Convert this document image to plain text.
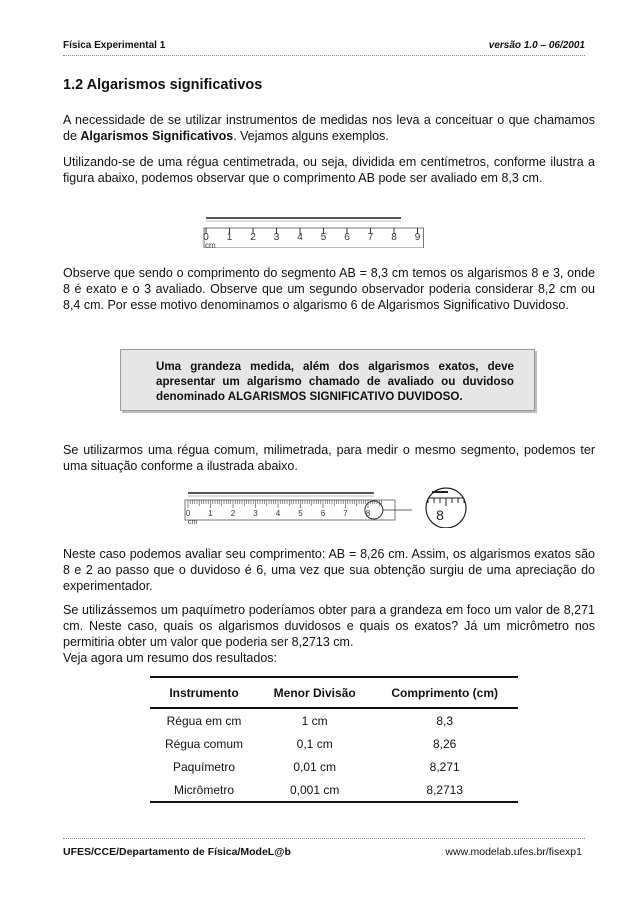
Física Experimental 1	versão 1.0 – 06/2001
1.2 Algarismos significativos

A necessidade de se utilizar instrumentos de medidas nos leva a conceituar o que chamamos de Algarismos Significativos. Vejamos alguns exemplos.

Utilizando-se de uma régua centimetrada, ou seja, dividida em centímetros, conforme ilustra a figura abaixo, podemos observar que o comprimento AB pode ser avaliado em 8,3 cm.

0 1 2 3 4 5 6 7 8 9
cm

Observe que sendo o comprimento do segmento AB = 8,3 cm temos os algarismos 8 e 3, onde 8 é exato e o 3 avaliado. Observe que um segundo observador poderia considerar 8,2 cm ou 8,4 cm. Por esse motivo denominamos o algarismo 6 de Algarismos Significativo Duvidoso.

Uma grandeza medida, além dos algarismos exatos, deve apresentar um algarismo chamado de avaliado ou duvidoso denominado ALGARISMOS SIGNIFICATIVO DUVIDOSO.

Se utilizarmos uma régua comum, milimetrada, para medir o mesmo segmento, podemos ter uma situação conforme a ilustrada abaixo.

0 1 2 3 4 5 6 7 8
cm	8

Neste caso podemos avaliar seu comprimento: AB = 8,26 cm. Assim, os algarismos exatos são 8 e 2 ao passo que o duvidoso é 6, uma vez que sua obtenção surgiu de uma apreciação do experimentador.

Se utilizássemos um paquímetro poderíamos obter para a grandeza em foco um valor de 8,271 cm. Neste caso, quais os algarismos duvidosos e quais os exatos? Já um micrômetro nos permitiria obter um valor que poderia ser 8,2713 cm.

Veja agora um resumo dos resultados:

Instrumento	Menor Divisão	Comprimento (cm)
Régua em cm	1 cm	8,3
Régua comum	0,1 cm	8,26
Paquímetro	0,01 cm	8,271
Micrômetro	0,001 cm	8,2713
UFES/CCE/Departamento de Física/ModeL@b	www.modelab.ufes.br/fisexp1
